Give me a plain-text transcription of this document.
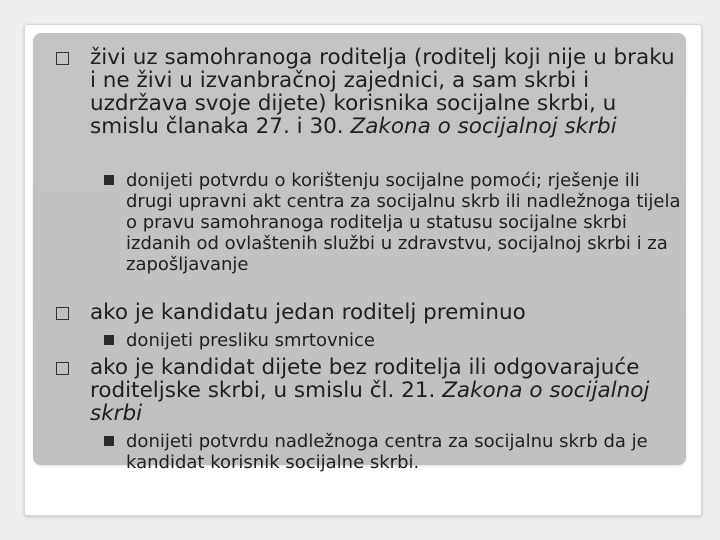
živi uz samohranoga roditelja (roditelj koji nije u braku i ne živi u izvanbračnoj zajednici, a sam skrbi i uzdržava svoje dijete) korisnika socijalne skrbi, u smislu članaka 27. i 30. Zakona o socijalnoj skrbi
donijeti potvrdu o korištenju socijalne pomoći; rješenje ili drugi upravni akt centra za socijalnu skrb ili nadležnoga tijela o pravu samohranoga roditelja u statusu socijalne skrbi izdanih od ovlaštenih službi u zdravstvu, socijalnoj skrbi i za zapošljavanje
ako je kandidatu jedan roditelj preminuo
donijeti presliku smrtovnice
ako je kandidat dijete bez roditelja ili odgovarajuće roditeljske skrbi, u smislu čl. 21. Zakona o socijalnoj skrbi
donijeti potvrdu nadležnoga centra za socijalnu skrb da je kandidat korisnik socijalne skrbi.
